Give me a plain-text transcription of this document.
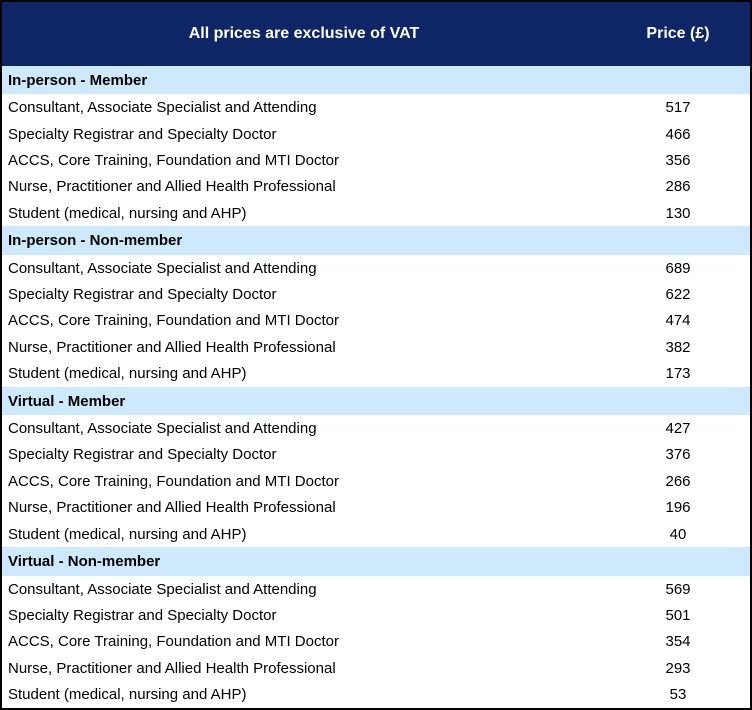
All prices are exclusive of VAT	Price (£)
In-person - Member	
Consultant, Associate Specialist and Attending	517
Specialty Registrar and Specialty Doctor	466
ACCS, Core Training, Foundation and MTI Doctor	356
Nurse, Practitioner and Allied Health Professional	286
Student (medical, nursing and AHP)	130
In-person - Non-member	
Consultant, Associate Specialist and Attending	689
Specialty Registrar and Specialty Doctor	622
ACCS, Core Training, Foundation and MTI Doctor	474
Nurse, Practitioner and Allied Health Professional	382
Student (medical, nursing and AHP)	173
Virtual - Member	
Consultant, Associate Specialist and Attending	427
Specialty Registrar and Specialty Doctor	376
ACCS, Core Training, Foundation and MTI Doctor	266
Nurse, Practitioner and Allied Health Professional	196
Student (medical, nursing and AHP)	40
Virtual - Non-member	
Consultant, Associate Specialist and Attending	569
Specialty Registrar and Specialty Doctor	501
ACCS, Core Training, Foundation and MTI Doctor	354
Nurse, Practitioner and Allied Health Professional	293
Student (medical, nursing and AHP)	53
